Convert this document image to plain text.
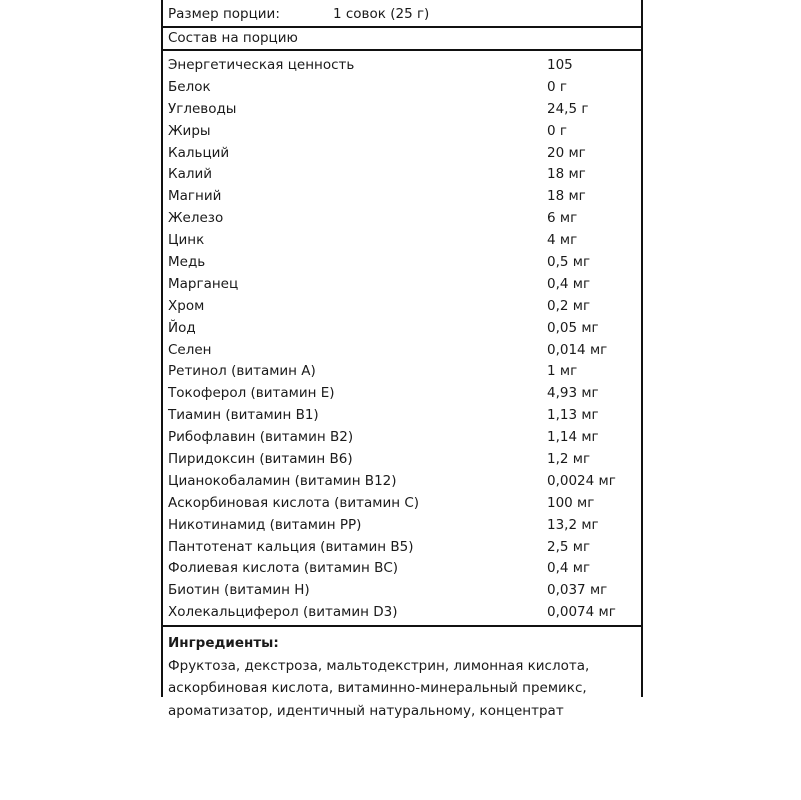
Размер порции:	1 совок (25 г)
Состав на порцию
Энергетическая ценность	105
Белок	0 г
Углеводы	24,5 г
Жиры	0 г
Кальций	20 мг
Калий	18 мг
Магний	18 мг
Железо	6 мг
Цинк	4 мг
Медь	0,5 мг
Марганец	0,4 мг
Хром	0,2 мг
Йод	0,05 мг
Селен	0,014 мг
Ретинол (витамин А)	1 мг
Токоферол (витамин Е)	4,93 мг
Тиамин (витамин В1)	1,13 мг
Рибофлавин (витамин В2)	1,14 мг
Пиридоксин (витамин В6)	1,2 мг
Цианокобаламин (витамин В12)	0,0024 мг
Аскорбиновая кислота (витамин С)	100 мг
Никотинамид (витамин РР)	13,2 мг
Пантотенат кальция (витамин В5)	2,5 мг
Фолиевая кислота (витамин ВС)	0,4 мг
Биотин (витамин Н)	0,037 мг
Холекальциферол (витамин D3)	0,0074 мг
Ингредиенты:
Фруктоза, декстроза, мальтодекстрин, лимонная кислота,
аскорбиновая кислота, витаминно-минеральный премикс,
ароматизатор, идентичный натуральному, концентрат
